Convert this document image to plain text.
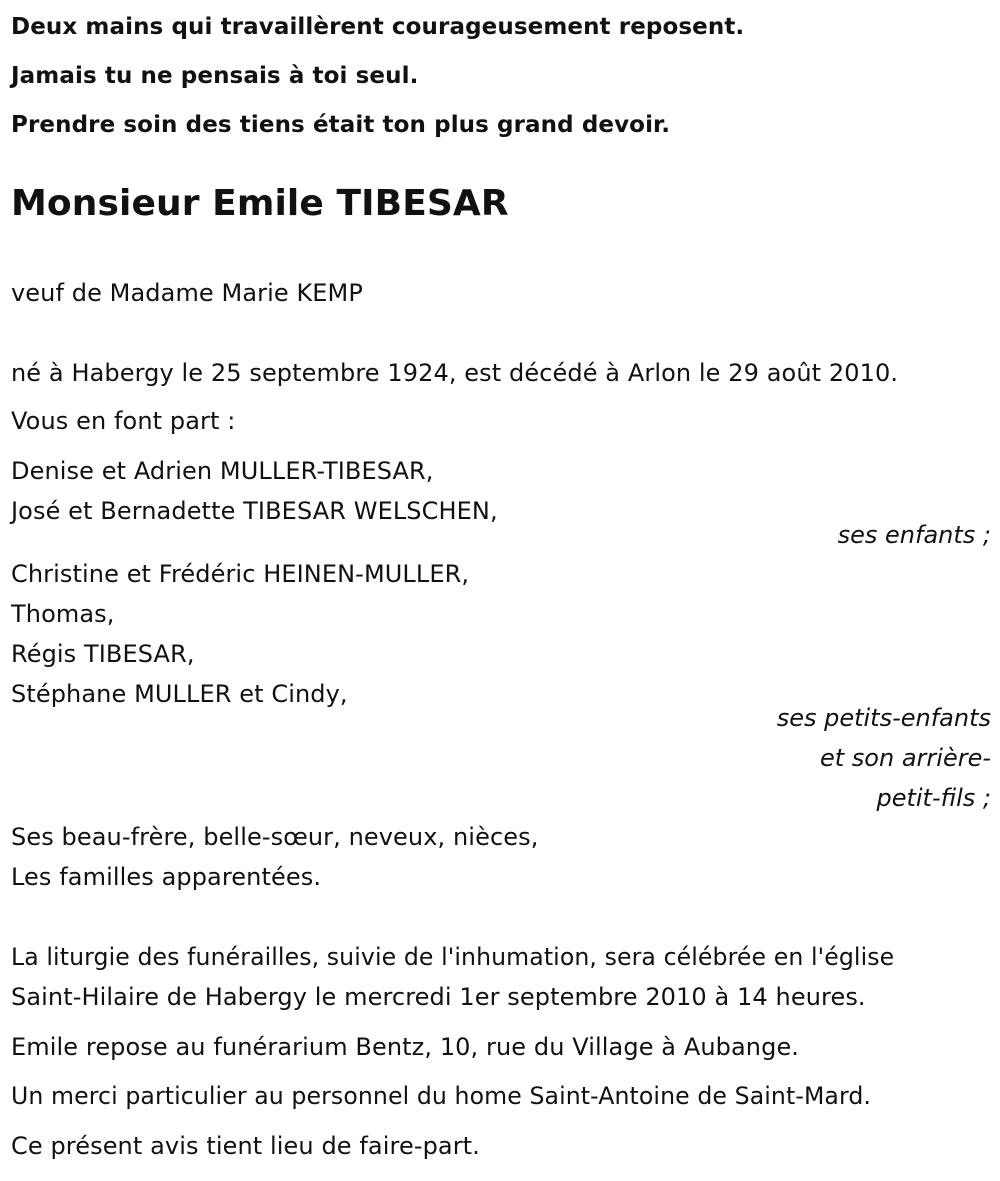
Deux mains qui travaillèrent courageusement reposent.
Jamais tu ne pensais à toi seul.
Prendre soin des tiens était ton plus grand devoir.
Monsieur Emile TIBESAR
veuf de Madame Marie KEMP
né à Habergy le 25 septembre 1924, est décédé à Arlon le 29 août 2010.
Vous en font part :
Denise et Adrien MULLER-TIBESAR,
José et Bernadette TIBESAR WELSCHEN,
ses enfants ;
Christine et Frédéric HEINEN-MULLER,
Thomas,
Régis TIBESAR,
Stéphane MULLER et Cindy,
ses petits-enfants
et son arrière-
petit-fils ;
Ses beau-frère, belle-sœur, neveux, nièces,
Les familles apparentées.
La liturgie des funérailles, suivie de l'inhumation, sera célébrée en l'église
Saint-Hilaire de Habergy le mercredi 1er septembre 2010 à 14 heures.
Emile repose au funérarium Bentz, 10, rue du Village à Aubange.
Un merci particulier au personnel du home Saint-Antoine de Saint-Mard.
Ce présent avis tient lieu de faire-part.
